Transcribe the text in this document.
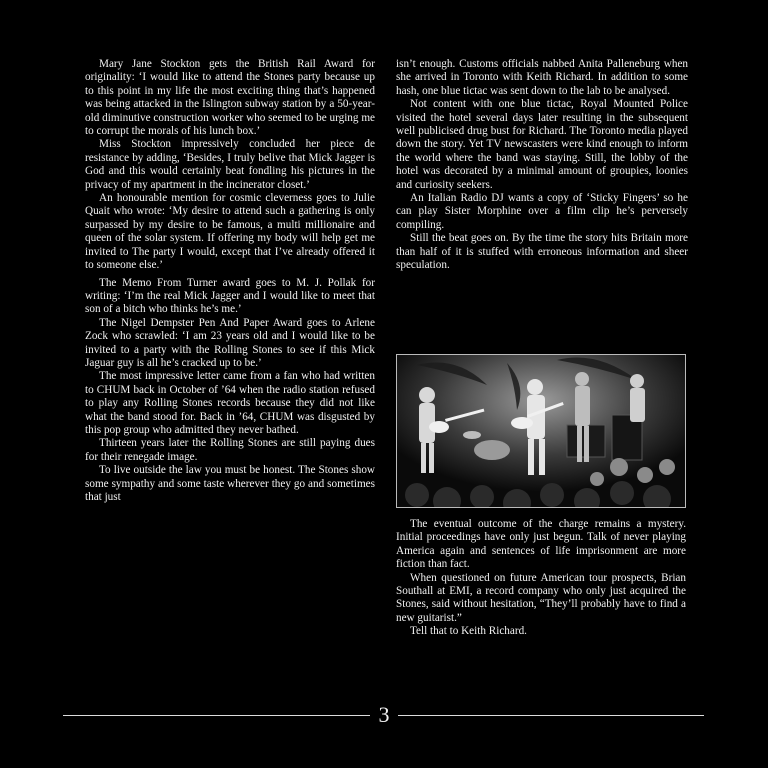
Mary Jane Stockton gets the British Rail Award for originality: ‘I would like to attend the Stones party because up to this point in my life the most exciting thing that’s happened was being attacked in the Islington subway station by a 50-year-old diminutive construction worker who seemed to be urging me to corrupt the morals of his lunch box.’

Miss Stockton impressively concluded her piece de resistance by adding, ‘Besides, I truly belive that Mick Jagger is God and this would certainly beat fondling his pictures in the privacy of my apartment in the incinerator closet.’

An honourable mention for cosmic cleverness goes to Julie Quait who wrote: ‘My desire to attend such a gathering is only surpassed by my desire to be famous, a multi millionaire and queen of the solar system. If offering my body will help get me invited to The party I would, except that I’ve already offered it to someone else.’

The Memo From Turner award goes to M. J. Pollak for writing: ‘I’m the real Mick Jagger and I would like to meet that son of a bitch who thinks he’s me.’

The Nigel Dempster Pen And Paper Award goes to Arlene Zock who scrawled: ‘I am 23 years old and I would like to be invited to a party with the Rolling Stones to see if this Mick Jaguar guy is all he’s cracked up to be.’

The most impressive letter came from a fan who had written to CHUM back in October of ’64 when the radio station refused to play any Rolling Stones records because they did not like what the band stood for. Back in ’64, CHUM was disgusted by this pop group who admitted they never bathed.

Thirteen years later the Rolling Stones are still paying dues for their renegade image.

To live outside the law you must be honest. The Stones show some sympathy and some taste wherever they go and sometimes that just

isn’t enough. Customs officials nabbed Anita Palleneburg when she arrived in Toronto with Keith Richard. In addition to some hash, one blue tictac was sent down to the lab to be analysed.

Not content with one blue tictac, Royal Mounted Police visited the hotel several days later resulting in the subsequent well publicised drug bust for Richard. The Toronto media played down the story. Yet TV newscasters were kind enough to inform the world where the band was staying. Still, the lobby of the hotel was decorated by a minimal amount of groupies, loonies and curiosity seekers.

An Italian Radio DJ wants a copy of ‘Sticky Fingers’ so he can play Sister Morphine over a film clip he’s perversely compiling.

Still the beat goes on. By the time the story hits Britain more than half of it is stuffed with erroneous information and sheer speculation.

The eventual outcome of the charge remains a mystery. Initial proceedings have only just begun. Talk of never playing America again and sentences of life imprisonment are more fiction than fact.

When questioned on future American tour prospects, Brian Southall at EMI, a record company who only just acquired the Stones, said without hesitation, “They’ll probably have to find a new guitarist.”

Tell that to Keith Richard.

3
